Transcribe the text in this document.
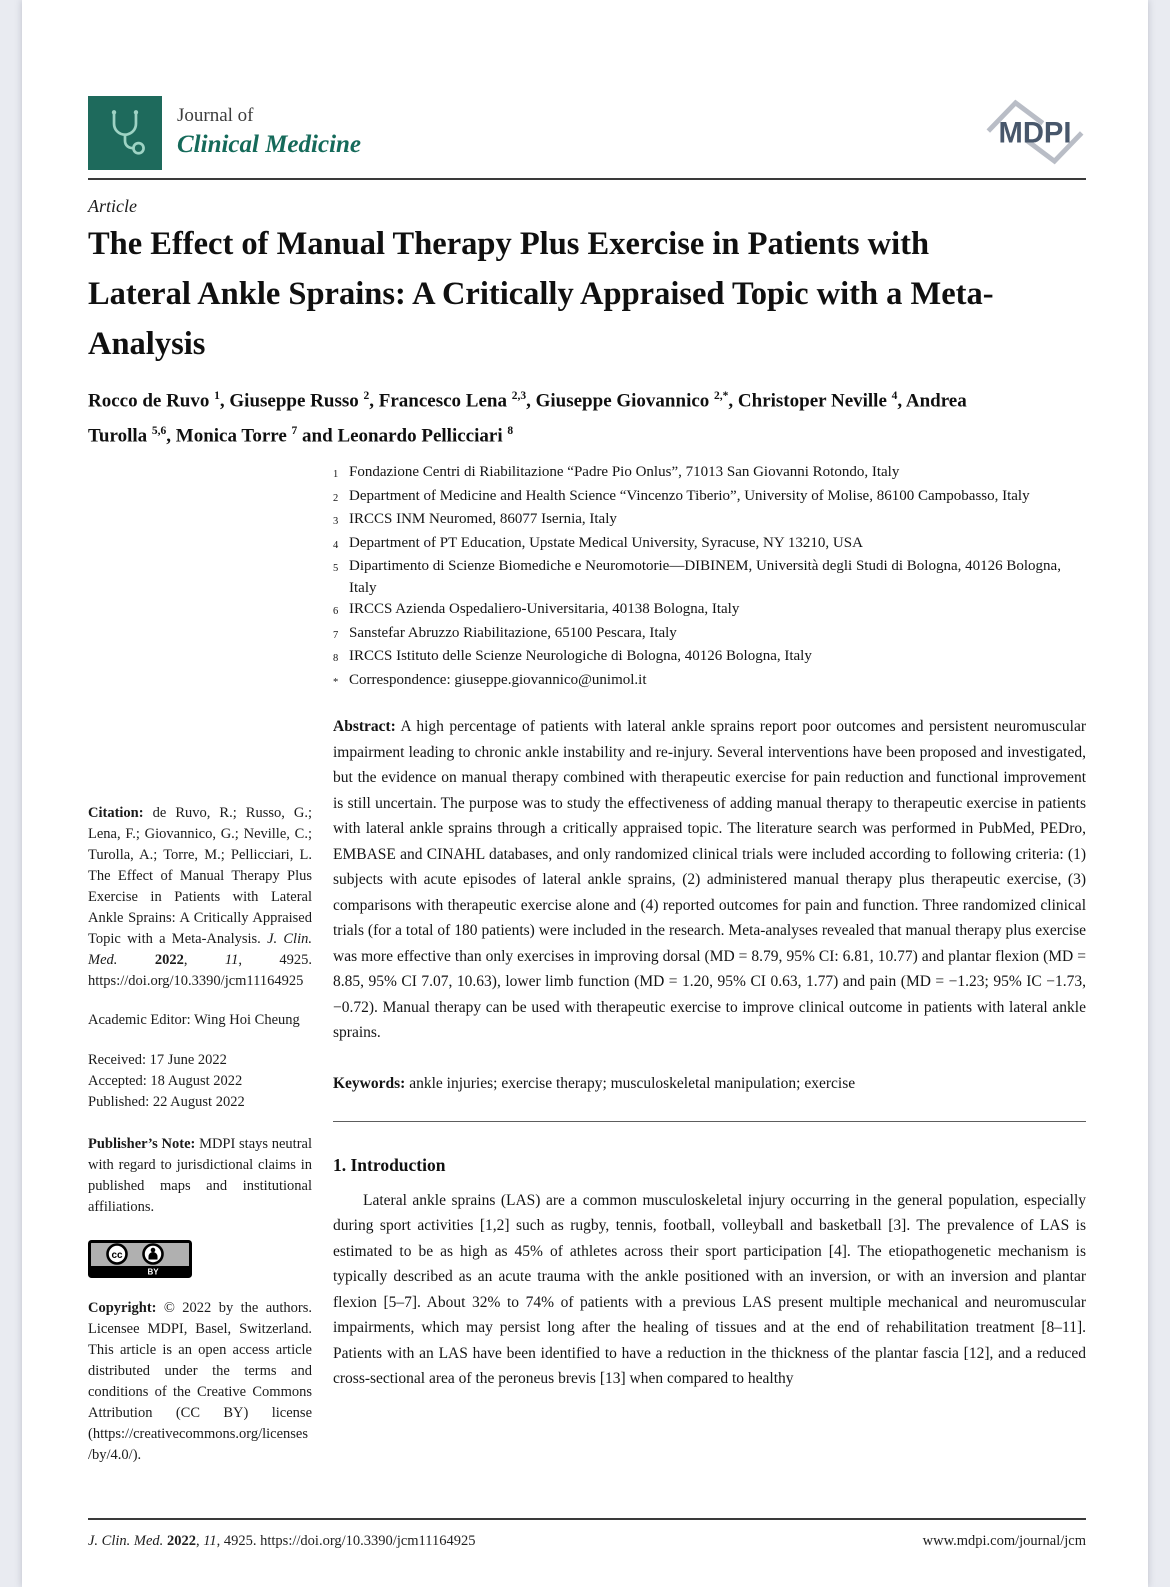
Journal of
Clinical Medicine	MDPI
Article
The Effect of Manual Therapy Plus Exercise in Patients with Lateral Ankle Sprains: A Critically Appraised Topic with a Meta-Analysis
Rocco de Ruvo $^1$, Giuseppe Russo $^2$, Francesco Lena $^{2,3}$, Giuseppe Giovannico $^{2,*}$, Christoper Neville $^4$, Andrea Turolla $^{5,6}$, Monica Torre $^7$ and Leonardo Pellicciari $^8$

Citation: de Ruvo, R.; Russo, G.; Lena, F.; Giovannico, G.; Neville, C.; Turolla, A.; Torre, M.; Pellicciari, L. The Effect of Manual Therapy Plus Exercise in Patients with Lateral Ankle Sprains: A Critically Appraised Topic with a Meta-Analysis. J. Clin. Med. 2022, 11, 4925. https://doi.org/10.3390/jcm11164925

Academic Editor: Wing Hoi Cheung

Received: 17 June 2022
Accepted: 18 August 2022
Published: 22 August 2022

Publisher’s Note: MDPI stays neutral with regard to jurisdictional claims in published maps and institutional affiliations.

cc
BY

Copyright: © 2022 by the authors. Licensee MDPI, Basel, Switzerland. This article is an open access article distributed under the terms and conditions of the Creative Commons Attribution (CC BY) license (https://creativecommons.org/licenses/by/4.0/).

1 Fondazione Centri di Riabilitazione “Padre Pio Onlus”, 71013 San Giovanni Rotondo, Italy
2 Department of Medicine and Health Science “Vincenzo Tiberio”, University of Molise, 86100 Campobasso, Italy
3 IRCCS INM Neuromed, 86077 Isernia, Italy
4 Department of PT Education, Upstate Medical University, Syracuse, NY 13210, USA
5 Dipartimento di Scienze Biomediche e Neuromotorie—DIBINEM, Università degli Studi di Bologna, 40126 Bologna, Italy
6 IRCCS Azienda Ospedaliero-Universitaria, 40138 Bologna, Italy
7 Sanstefar Abruzzo Riabilitazione, 65100 Pescara, Italy
8 IRCCS Istituto delle Scienze Neurologiche di Bologna, 40126 Bologna, Italy
* Correspondence: giuseppe.giovannico@unimol.it

Abstract: A high percentage of patients with lateral ankle sprains report poor outcomes and persistent neuromuscular impairment leading to chronic ankle instability and re-injury. Several interventions have been proposed and investigated, but the evidence on manual therapy combined with therapeutic exercise for pain reduction and functional improvement is still uncertain. The purpose was to study the effectiveness of adding manual therapy to therapeutic exercise in patients with lateral ankle sprains through a critically appraised topic. The literature search was performed in PubMed, PEDro, EMBASE and CINAHL databases, and only randomized clinical trials were included according to following criteria: (1) subjects with acute episodes of lateral ankle sprains, (2) administered manual therapy plus therapeutic exercise, (3) comparisons with therapeutic exercise alone and (4) reported outcomes for pain and function. Three randomized clinical trials (for a total of 180 patients) were included in the research. Meta-analyses revealed that manual therapy plus exercise was more effective than only exercises in improving dorsal (MD = 8.79, 95% CI: 6.81, 10.77) and plantar flexion (MD = 8.85, 95% CI 7.07, 10.63), lower limb function (MD = 1.20, 95% CI 0.63, 1.77) and pain (MD = −1.23; 95% IC −1.73, −0.72). Manual therapy can be used with therapeutic exercise to improve clinical outcome in patients with lateral ankle sprains.

Keywords: ankle injuries; exercise therapy; musculoskeletal manipulation; exercise

1. Introduction

Lateral ankle sprains (LAS) are a common musculoskeletal injury occurring in the general population, especially during sport activities [1,2] such as rugby, tennis, football, volleyball and basketball [3]. The prevalence of LAS is estimated to be as high as 45% of athletes across their sport participation [4]. The etiopathogenetic mechanism is typically described as an acute trauma with the ankle positioned with an inversion, or with an inversion and plantar flexion [5–7]. About 32% to 74% of patients with a previous LAS present multiple mechanical and neuromuscular impairments, which may persist long after the healing of tissues and at the end of rehabilitation treatment [8–11]. Patients with an LAS have been identified to have a reduction in the thickness of the plantar fascia [12], and a reduced cross-sectional area of the peroneus brevis [13] when compared to healthy

J. Clin. Med. 2022, 11, 4925. https://doi.org/10.3390/jcm11164925	www.mdpi.com/journal/jcm
